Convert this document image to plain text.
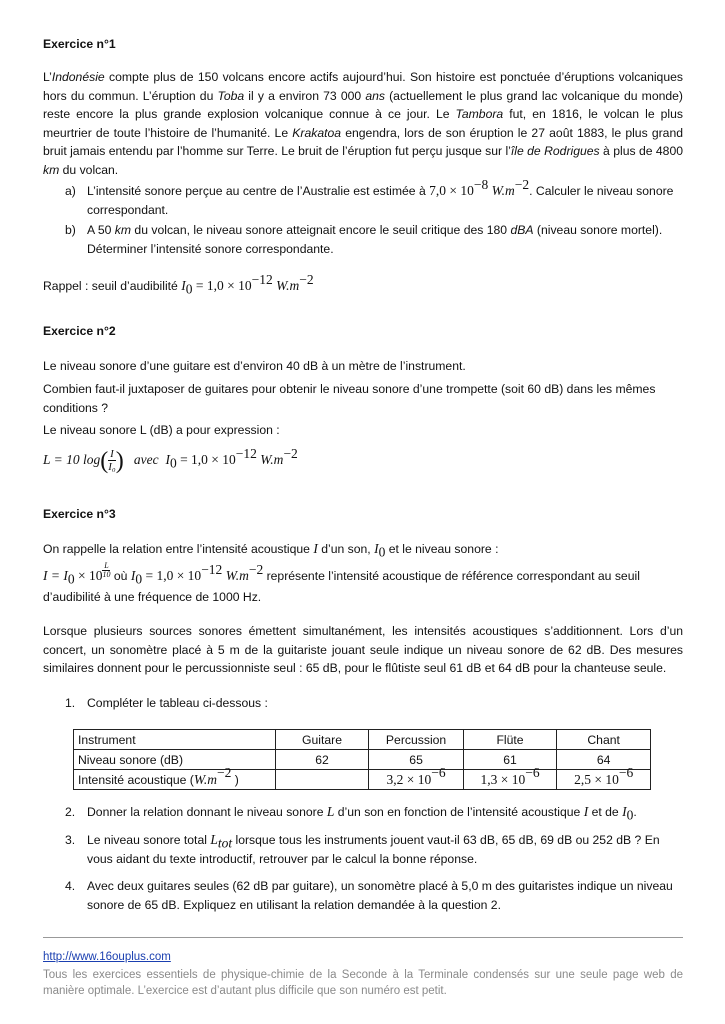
Exercice n°1
L’Indonésie compte plus de 150 volcans encore actifs aujourd’hui. Son histoire est ponctuée d’éruptions volcaniques hors du commun. L’éruption du Toba il y a environ 73 000 ans (actuellement le plus grand lac volcanique du monde) reste encore la plus grande explosion volcanique connue à ce jour. Le Tambora fut, en 1816, le volcan le plus meurtrier de toute l’histoire de l’humanité. Le Krakatoa engendra, lors de son éruption le 27 août 1883, le plus grand bruit jamais entendu par l’homme sur Terre. Le bruit de l’éruption fut perçu jusque sur l’île de Rodrigues à plus de 4800 km du volcan.
a) L’intensité sonore perçue au centre de l’Australie est estimée à $7,0 \times 10^{-8}$ $W.m^{-2}$. Calculer le niveau sonore correspondant.
b) A 50 km du volcan, le niveau sonore atteignait encore le seuil critique des 180 dBA (niveau sonore mortel). Déterminer l’intensité sonore correspondante.
Rappel : seuil d’audibilité $I_0 = 1,0 \times 10^{-12}$ $W.m^{-2}$
Exercice n°2
Le niveau sonore d’une guitare est d’environ 40 dB à un mètre de l’instrument.
Combien faut-il juxtaposer de guitares pour obtenir le niveau sonore d’une trompette (soit 60 dB) dans les mêmes conditions ?
Le niveau sonore L (dB) a pour expression :
L = 10 $\log( \frac{I}{\text{I₀}}$ ) avec $I_0 = 1,0 \times 10^{-12}$ $W.m^{-2}$
Exercice n°3
On rappelle la relation entre l’intensité acoustique I d’un son, $I_0$ et le niveau sonore :
$I = I_0 \times 10$ $^{\frac{L}{10}}$ où $I_0 = 1,0 \times 10^{-12}$ $W.m^{-2}$ représente l’intensité acoustique de référence correspondant au seuil d’audibilité à une fréquence de 1000 Hz.
Lorsque plusieurs sources sonores émettent simultanément, les intensités acoustiques s’additionnent. Lors d’un concert, un sonomètre placé à 5 m de la guitariste jouant seule indique un niveau sonore de 62 dB. Des mesures similaires donnent pour le percussionniste seul : 65 dB, pour le flûtiste seul 61 dB et 64 dB pour la chanteuse seule.
1. Compléter le tableau ci-dessous :
Instrument	Guitare	Percussion	Flüte	Chant
Niveau sonore (dB)	62	65	61	64
Intensité acoustique ($W.m^{-2}$ )		$3,2 \times 10^{-6}$	$1,3 \times 10^{-6}$	$2,5 \times 10^{-6}$
2. Donner la relation donnant le niveau sonore L d’un son en fonction de l’intensité acoustique I et de $I_0$.
3. Le niveau sonore total $L_{tot}$ lorsque tous les instruments jouent vaut-il 63 dB, 65 dB, 69 dB ou 252 dB ? En vous aidant du texte introductif, retrouver par le calcul la bonne réponse.
4. Avec deux guitares seules (62 dB par guitare), un sonomètre placé à 5,0 m des guitaristes indique un niveau sonore de 65 dB. Expliquez en utilisant la relation demandée à la question 2.
http://www.16ouplus.com
Tous les exercices essentiels de physique-chimie de la Seconde à la Terminale condensés sur une seule page web de manière optimale. L’exercice est d’autant plus difficile que son numéro est petit.
